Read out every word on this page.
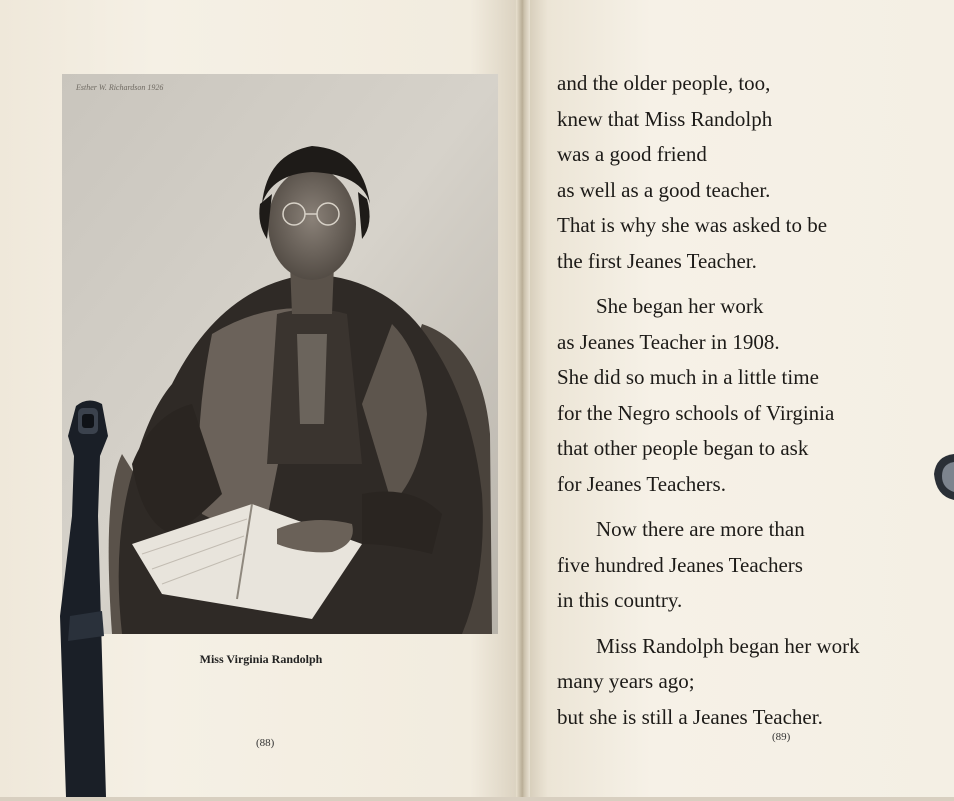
Esther W. Richardson 1926
Miss Virginia Randolph
(88)
and the older people, too,
knew that Miss Randolph
was a good friend
as well as a good teacher.
That is why she was asked to be
the first Jeanes Teacher.
She began her work
as Jeanes Teacher in 1908.
She did so much in a little time
for the Negro schools of Virginia
that other people began to ask
for Jeanes Teachers.
Now there are more than
five hundred Jeanes Teachers
in this country.
Miss Randolph began her work
many years ago;
but she is still a Jeanes Teacher.
(89)
